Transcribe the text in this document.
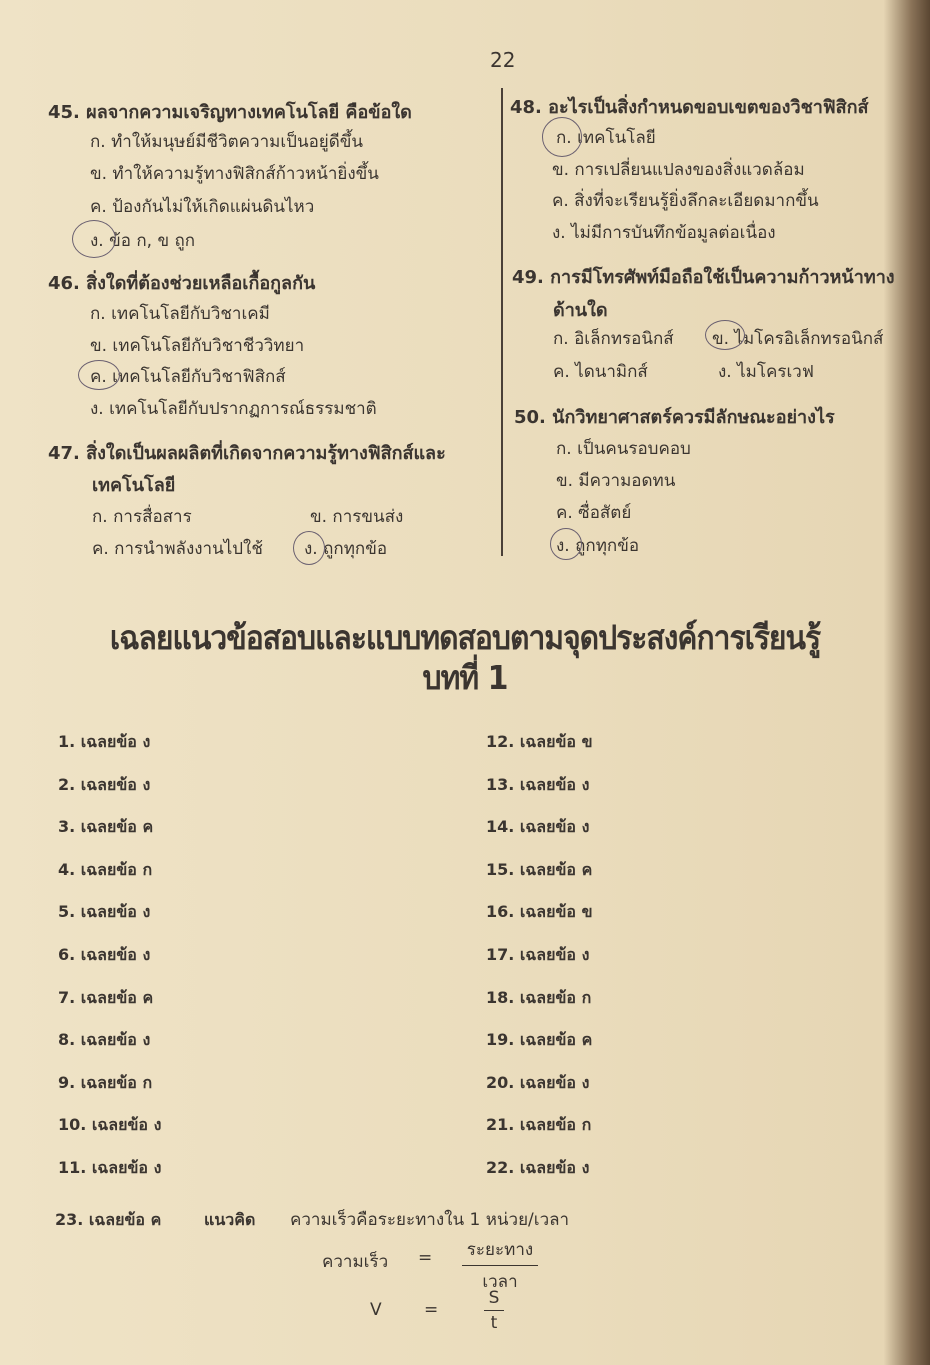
22
45. ผลจากความเจริญทางเทคโนโลยี คือข้อใด
ก. ทำให้มนุษย์มีชีวิตความเป็นอยู่ดีขึ้น
ข. ทำให้ความรู้ทางฟิสิกส์ก้าวหน้ายิ่งขึ้น
ค. ป้องกันไม่ให้เกิดแผ่นดินไหว
ง. ข้อ ก, ข ถูก
46. สิ่งใดที่ต้องช่วยเหลือเกื้อกูลกัน
ก. เทคโนโลยีกับวิชาเคมี
ข. เทคโนโลยีกับวิชาชีววิทยา
ค. เทคโนโลยีกับวิชาฟิสิกส์
ง. เทคโนโลยีกับปรากฏการณ์ธรรมชาติ
47. สิ่งใดเป็นผลผลิตที่เกิดจากความรู้ทางฟิสิกส์และ
เทคโนโลยี
ก. การสื่อสาร	ข. การขนส่ง
ค. การนำพลังงานไปใช้ ง. ถูกทุกข้อ
48. อะไรเป็นสิ่งกำหนดขอบเขตของวิชาฟิสิกส์
ก. เทคโนโลยี
ข. การเปลี่ยนแปลงของสิ่งแวดล้อม
ค. สิ่งที่จะเรียนรู้ยิ่งลึกละเอียดมากขึ้น
ง. ไม่มีการบันทึกข้อมูลต่อเนื่อง
49. การมีโทรศัพท์มือถือใช้เป็นความก้าวหน้าทาง
ด้านใด
ก. อิเล็กทรอนิกส์ ข. ไมโครอิเล็กทรอนิกส์
ค. ไดนามิกส์	ง. ไมโครเวฟ
50. นักวิทยาศาสตร์ควรมีลักษณะอย่างไร
ก. เป็นคนรอบคอบ
ข. มีความอดทน
ค. ซื่อสัตย์
ง. ถูกทุกข้อ
เฉลยแนวข้อสอบและแบบทดสอบตามจุดประสงค์การเรียนรู้
บทที่ 1
1. เฉลยข้อ ง
2. เฉลยข้อ ง
3. เฉลยข้อ ค
4. เฉลยข้อ ก
5. เฉลยข้อ ง
6. เฉลยข้อ ง
7. เฉลยข้อ ค
8. เฉลยข้อ ง
9. เฉลยข้อ ก
10. เฉลยข้อ ง
11. เฉลยข้อ ง
12. เฉลยข้อ ข
13. เฉลยข้อ ง
14. เฉลยข้อ ง
15. เฉลยข้อ ค
16. เฉลยข้อ ข
17. เฉลยข้อ ง
18. เฉลยข้อ ก
19. เฉลยข้อ ค
20. เฉลยข้อ ง
21. เฉลยข้อ ก
22. เฉลยข้อ ง
23. เฉลยข้อ ค	แนวคิด ความเร็วคือระยะทางใน 1 หน่วย/เวลา
ความเร็ว = ระยะทาง
เวลา
V =
S
t
